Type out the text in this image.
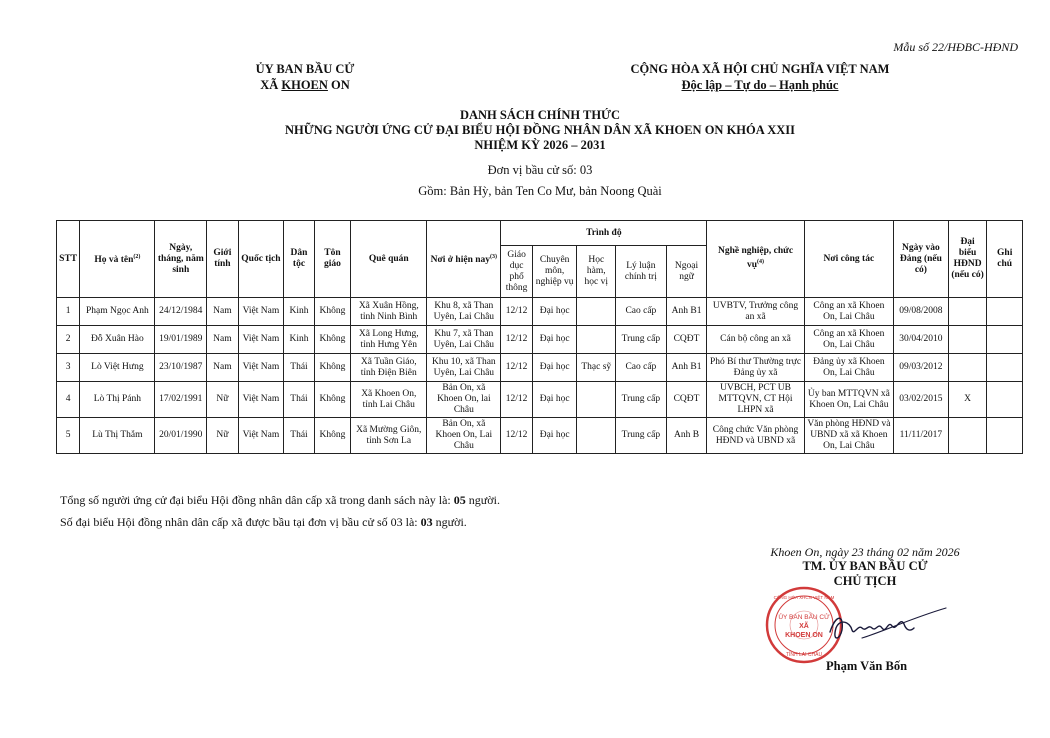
Mẫu số 22/HĐBC-HĐND
ỦY BAN BẦU CỬ
XÃ KHOEN ON
CỘNG HÒA XÃ HỘI CHỦ NGHĨA VIỆT NAM
Độc lập – Tự do – Hạnh phúc
DANH SÁCH CHÍNH THỨC
NHỮNG NGƯỜI ỨNG CỬ ĐẠI BIỂU HỘI ĐỒNG NHÂN DÂN XÃ KHOEN ON KHÓA XXII
NHIỆM KỲ 2026 – 2031
Đơn vị bầu cử số: 03
Gồm: Bản Hỳ, bản Ten Co Mư, bản Noong Quài
STT	Họ và tên$^{(2)}$	Ngày, tháng, năm sinh	Giới tính	Quốc tịch	Dân tộc	Tôn giáo	Quê quán	Nơi ở hiện nay$^{(3)}$	Trình độ					Nghề nghiệp, chức vụ$^{(4)}$	Nơi công tác	Ngày vào Đảng (nếu có)	Đại biểu HĐND (nếu có)	Ghi chú
									Giáo dục phổ thông	Chuyên môn, nghiệp vụ	Học hàm, học vị	Lý luận chính trị	Ngoại ngữ					
1	Phạm Ngọc Anh	24/12/1984	Nam	Việt Nam	Kinh	Không	Xã Xuân Hồng, tỉnh Ninh Bình	Khu 8, xã Than Uyên, Lai Châu	12/12	Đại học		Cao cấp	Anh B1	UVBTV, Trưởng công an xã	Công an xã Khoen On, Lai Châu	09/08/2008		
2	Đỗ Xuân Hào	19/01/1989	Nam	Việt Nam	Kinh	Không	Xã Long Hưng, tỉnh Hưng Yên	Khu 7, xã Than Uyên, Lai Châu	12/12	Đại học		Trung cấp	CQĐT	Cán bộ công an xã	Công an xã Khoen On, Lai Châu	30/04/2010		
3	Lò Việt Hưng	23/10/1987	Nam	Việt Nam	Thái	Không	Xã Tuần Giáo, tỉnh Điện Biên	Khu 10, xã Than Uyên, Lai Châu	12/12	Đại học	Thạc sỹ	Cao cấp	Anh B1	Phó Bí thư Thường trực Đảng ủy xã	Đảng ủy xã Khoen On, Lai Châu	09/03/2012		
4	Lò Thị Pánh	17/02/1991	Nữ	Việt Nam	Thái	Không	Xã Khoen On, tỉnh Lai Châu	Bản On, xã Khoen On, lai Châu	12/12	Đại học		Trung cấp	CQĐT	UVBCH, PCT UB MTTQVN, CT Hội LHPN xã	Ủy ban MTTQVN xã Khoen On, Lai Châu	03/02/2015	X	
5	Lù Thị Thắm	20/01/1990	Nữ	Việt Nam	Thái	Không	Xã Mường Giôn, tỉnh Sơn La	Bản On, xã Khoen On, Lai Châu	12/12	Đại học		Trung cấp	Anh B	Công chức Văn phòng HĐND và UBND xã	Văn phòng HĐND và UBND xã xã Khoen On, Lai Châu	11/11/2017		
Tổng số người ứng cử đại biểu Hội đồng nhân dân cấp xã trong danh sách này là: 05 người.
Số đại biểu Hội đồng nhân dân cấp xã được bầu tại đơn vị bầu cử số 03 là: 03 người.
Khoen On, ngày 23 tháng 02 năm 2026
TM. ỦY BAN BẦU CỬ
CHỦ TỊCH
ỦY BAN BẦU CỬ
XÃ
KHOEN ON
CỘNG HÒA XHCN VIỆT NAM
TỈNH LAI CHÂU
Phạm Văn Bốn
